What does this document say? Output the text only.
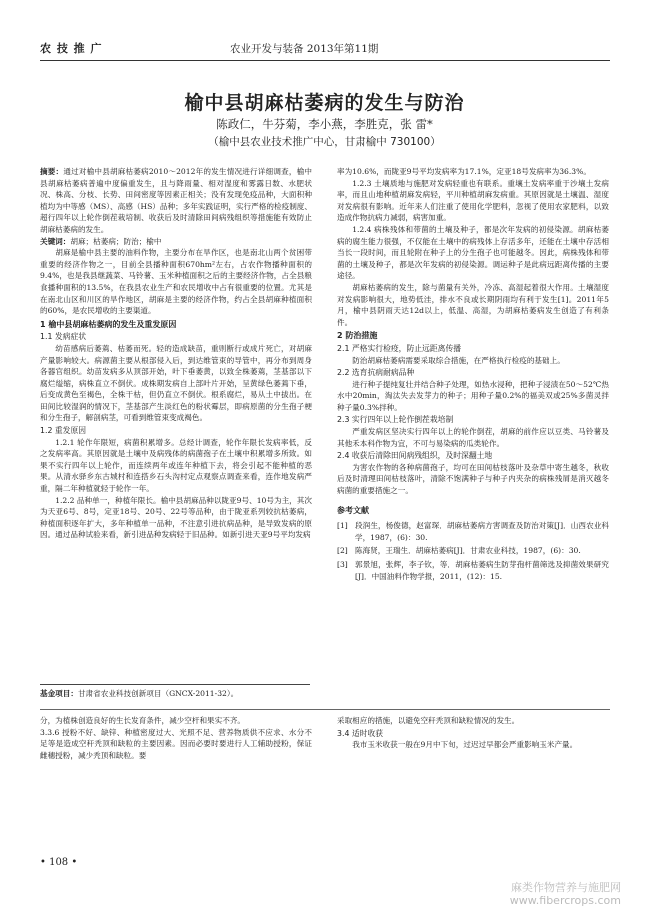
农 技 推 广	农业开发与装备 2013年第11期
榆中县胡麻枯萎病的发生与防治
陈政仁，牛芬菊，李小燕，李胜克，张 雷*
（榆中县农业技术推广中心，甘肃榆中 730100）

摘要：通过对榆中县胡麻枯萎病2010～2012年的发生情况进行详细调查，榆中县胡麻枯萎病普遍中度偏重发生，且与降雨量、相对湿度和雾露日数、水肥状况、株高、分枝、长势、田间密度等因素正相关；没有发现免疫品种，大面积种植均为中等感（MS）、高感（HS）品种；多年实践证明，实行严格的检疫制度、超行四年以上轮作倒茬栽培制、收获后及时清除田间病残组织等措施能有效防止胡麻枯萎病的发生。

关键词：胡麻；枯萎病；防治；榆中

胡麻是榆中县主要的油料作物，主要分布在旱作区，也是南北山两个贫困带重要的经济作物之一，目前全县播种面积670hm²左右，占农作物播种面积的9.4%，也是我县继蔬菜、马铃薯、玉米种植面积之后的主要经济作物，占全县粮食播种面积的13.5%，在我县农业生产和农民增收中占有很重要的位置。尤其是在南北山区和川区的旱作地区，胡麻是主要的经济作物，约占全县胡麻种植面积的60%，是农民增收的主要渠道。

1 榆中县胡麻枯萎病的发生及重发原因
1.1 发病症状

幼苗感病后萎蔫、枯萎而死。轻的造成缺苗，重则断行或成片死亡，对胡麻产量影响较大。病源菌主要从根部侵入后，到达维管束的导管中，再分布到周身各器官组织。幼苗发病多从顶部开始，叶下垂萎黄，以致全株萎蔫，茎基部以下腐烂缢缩，病株直立不倒伏。成株期发病自上部叶片开始，呈黄绿色萎蔫下垂，后变成黄色至褐色，全株干枯，但仍直立不倒伏。根系腐烂，易从土中拔出。在田间比较湿润的情况下，茎基部产生淡红色的粉状霉层，即病原菌的分生孢子梗和分生孢子，解剖病茎，可看到维管束变成褐色。

1.2 重发原因

1.2.1 轮作年限短，病菌积累增多。总经计调查，轮作年限长发病率低，反之发病率高。其原因就是土壤中及病残体的病菌孢子在土壤中积累增多所致。如果不实行四年以上轮作，而连续两年或连年种植下去，将会引起不能种植的恶果。从清水驿乡东古城村和连搭乡石头沟村定点观察点调查来看，连作地发病严重，隔二年种植就轻于轮作一年。

1.2.2 品种单一，种植年限长。榆中县胡麻品种以陇亚9号、10号为主，其次为天亚6号、8号，定亚18号、20号、22号等品种，由于陇亚系列较抗枯萎病，种植面积逐年扩大，多年种植单一品种，不注意引进抗病品种，是导致发病的原因。通过品种试验来看，新引进品种发病轻于旧品种。如新引进天亚9号平均发病

基金项目：甘肃省农业科技创新项目（GNCX-2011-32）。

率为10.6%，而陇亚9号平均发病率为17.1%，定亚18号发病率为36.3%。

1.2.3 土壤质地与施肥对发病轻重也有联系。重壤土发病率重于沙壤土发病率，而且山地种植胡麻发病轻，平川种植胡麻发病重。其原因就是土壤温、湿度对发病很有影响。近年来人们注重了使用化学肥料，忽视了使用农家肥料，以致造成作物抗病力减弱，病害加重。

1.2.4 病株残体和带菌的土壤及种子，都是次年发病的初侵染源。胡麻枯萎病的腐生能力很强，不仅能在土壤中的病残体上存活多年，还能在土壤中存活相当长一段时间，而且轮附在种子上的分生孢子也可能越冬。因此，病株残体和带菌的土壤及种子，都是次年发病的初侵染源。调运种子是此病远距离传播的主要途径。

胡麻枯萎病的发生，除与菌量有关外，冷冻、高湿起着很大作用。土壤湿度对发病影响很大，地势低洼，排水不良或长期阴雨均有利于发生[1]。2011年5月，榆中县阴雨天达12d以上，低温、高湿，为胡麻枯萎病发生创造了有利条件。

2 防治措施
2.1 严格实行检疫，防止远距离传播

防治胡麻枯萎病需要采取综合措施，在严格执行检疫的基础上。

2.2 选育抗病耐病品种

进行种子提纯复壮并结合种子处理，如热水浸种，把种子浸渍在50～52℃热水中20min，淘汰失去发芽力的种子；用种子量0.2%的福美双或25%多菌灵拌种子量0.3%拌种。

2.3 实行四年以上轮作倒茬栽培制

严重发病区坚决实行四年以上的轮作倒茬，胡麻的前作应以豆类、马铃薯及其他禾本科作物为宜，不可与易染病的瓜类轮作。

2.4 收获后清除田间病残组织，及时深翻土地

为害农作物的各种病菌孢子，均可在田间枯枝落叶及杂草中寄生越冬，秋收后及时清理田间枯枝落叶，清除不饱满种子与种子内夹杂的病株残屑是消灭越冬病菌的重要措施之一。

参考文献
[1] 段润生，杨俊德，赵富琛．胡麻枯萎病方害调查及防治对策[J]．山西农业科学，1987，(6)：30.
[2] 陈海贤，王瑞生．胡麻枯萎病[J]．甘肃农业科技，1987，(6)：30.
[3] 郭景旭，张辉，李子钦，等．胡麻枯萎病生防芽孢杆菌筛选及抑菌效果研究[J]．中国油料作物学报，2011，(12)：15.

分，为植株创造良好的生长发育条件，减少空杆和果实不齐。

3.3.6 授粉不好、缺锌、种植密度过大、光照不足、营养物质供不应求、水分不足等是造成空秆秃顶和缺粒的主要因素。因而必要时要进行人工辅助授粉，保证雌穗授粉，减少秃顶和缺粒。要

采取相应的措施，以避免空秆秃顶和缺粒情况的发生。

3.4 适时收获

我市玉米收获一般在9月中下旬，过迟过早都会严重影响玉米产量。

• 108 •
麻类作物营养与施肥网
www.fibercrops.com
